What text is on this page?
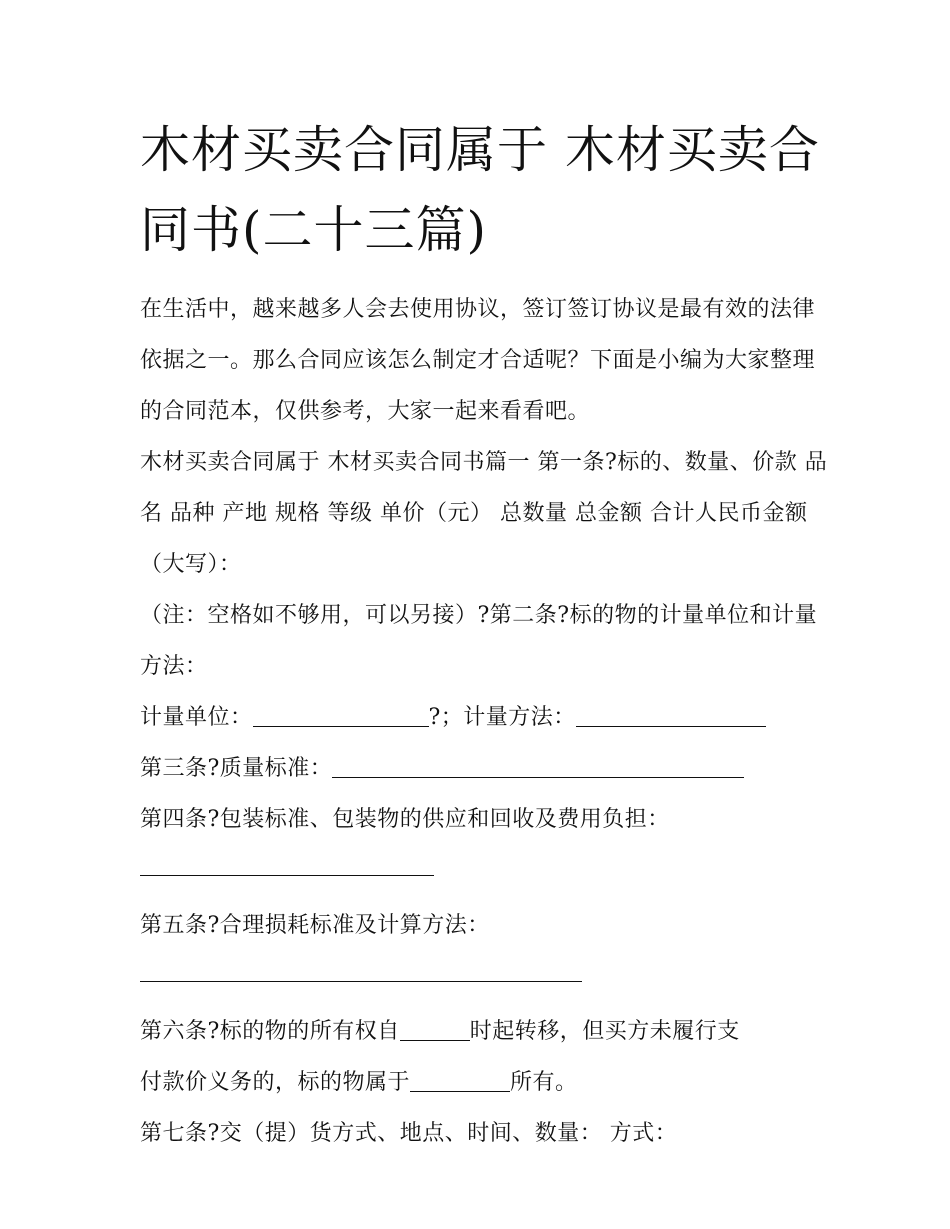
木材买卖合同属于 木材买卖合同书(二十三篇)

在生活中，越来越多人会去使用协议，签订签订协议是最有效的法律依据之一。那么合同应该怎么制定才合适呢？下面是小编为大家整理的合同范本，仅供参考，大家一起来看看吧。

木材买卖合同属于 木材买卖合同书篇一 第一条?标的、数量、价款 品名 品种 产地 规格 等级 单价（元） 总数量 总金额 合计人民币金额（大写）：

（注：空格如不够用，可以另接）?第二条?标的物的计量单位和计量方法：

计量单位：	?；计量方法：

第三条?质量标准：

第四条?包装标准、包装物的供应和回收及费用负担：

第五条?合理损耗标准及计算方法：

第六条?标的物的所有权自	时起转移，但买方未履行支

付款价义务的，标的物属于	所有。

第七条?交（提）货方式、地点、时间、数量： 方式：
